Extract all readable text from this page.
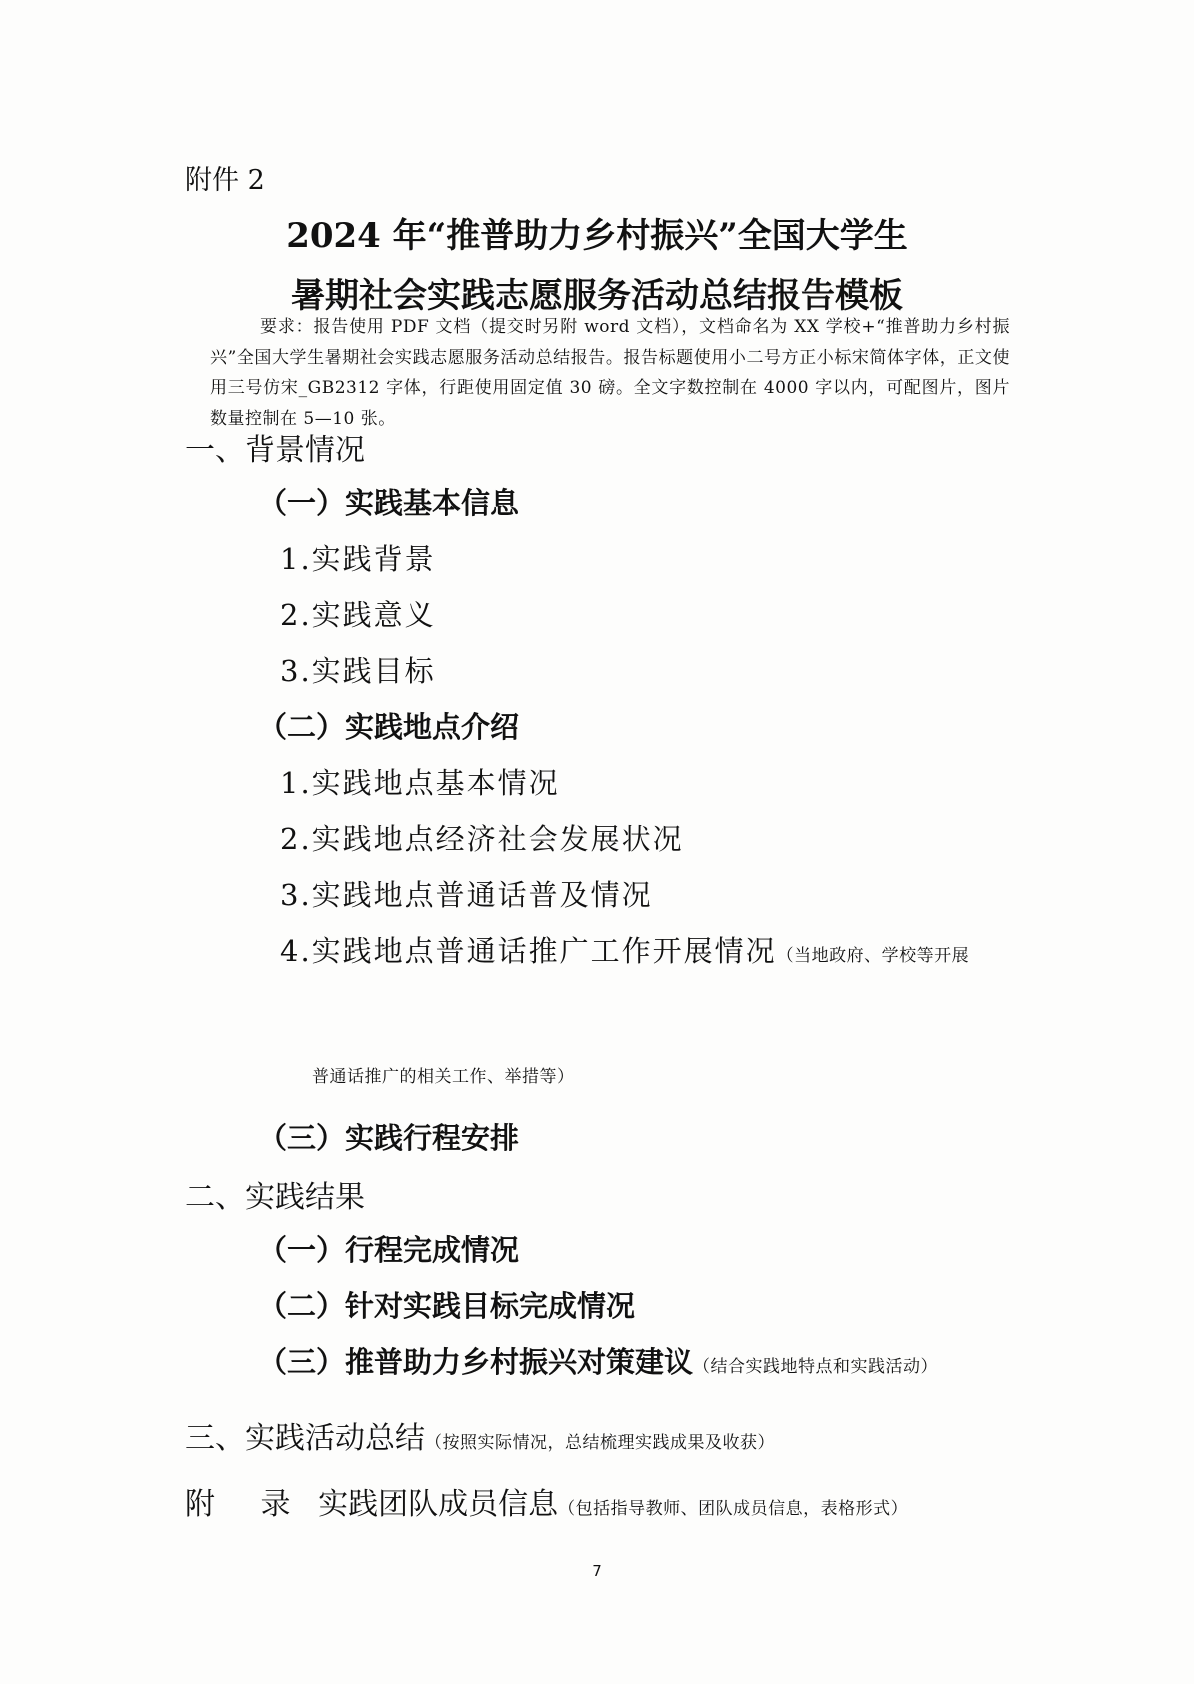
附件 2
2024 年“推普助力乡村振兴”全国大学生
暑期社会实践志愿服务活动总结报告模板
要求：报告使用 PDF 文档（提交时另附 word 文档），文档命名为 XX 学校+“推普助力乡村振兴”全国大学生暑期社会实践志愿服务活动总结报告。报告标题使用小二号方正小标宋简体字体，正文使用三号仿宋_GB2312 字体，行距使用固定值 30 磅。全文字数控制在 4000 字以内，可配图片，图片数量控制在 5—10 张。
一、背景情况
（一）实践基本信息
1.实践背景
2.实践意义
3.实践目标
（二）实践地点介绍
1.实践地点基本情况
2.实践地点经济社会发展状况
3.实践地点普通话普及情况
4.实践地点普通话推广工作开展情况（当地政府、学校等开展
普通话推广的相关工作、举措等）
（三）实践行程安排
二、实践结果
（一）行程完成情况
（二）针对实践目标完成情况
（三）推普助力乡村振兴对策建议（结合实践地特点和实践活动）
三、实践活动总结（按照实际情况，总结梳理实践成果及收获）
附 录 实践团队成员信息（包括指导教师、团队成员信息，表格形式）
7
